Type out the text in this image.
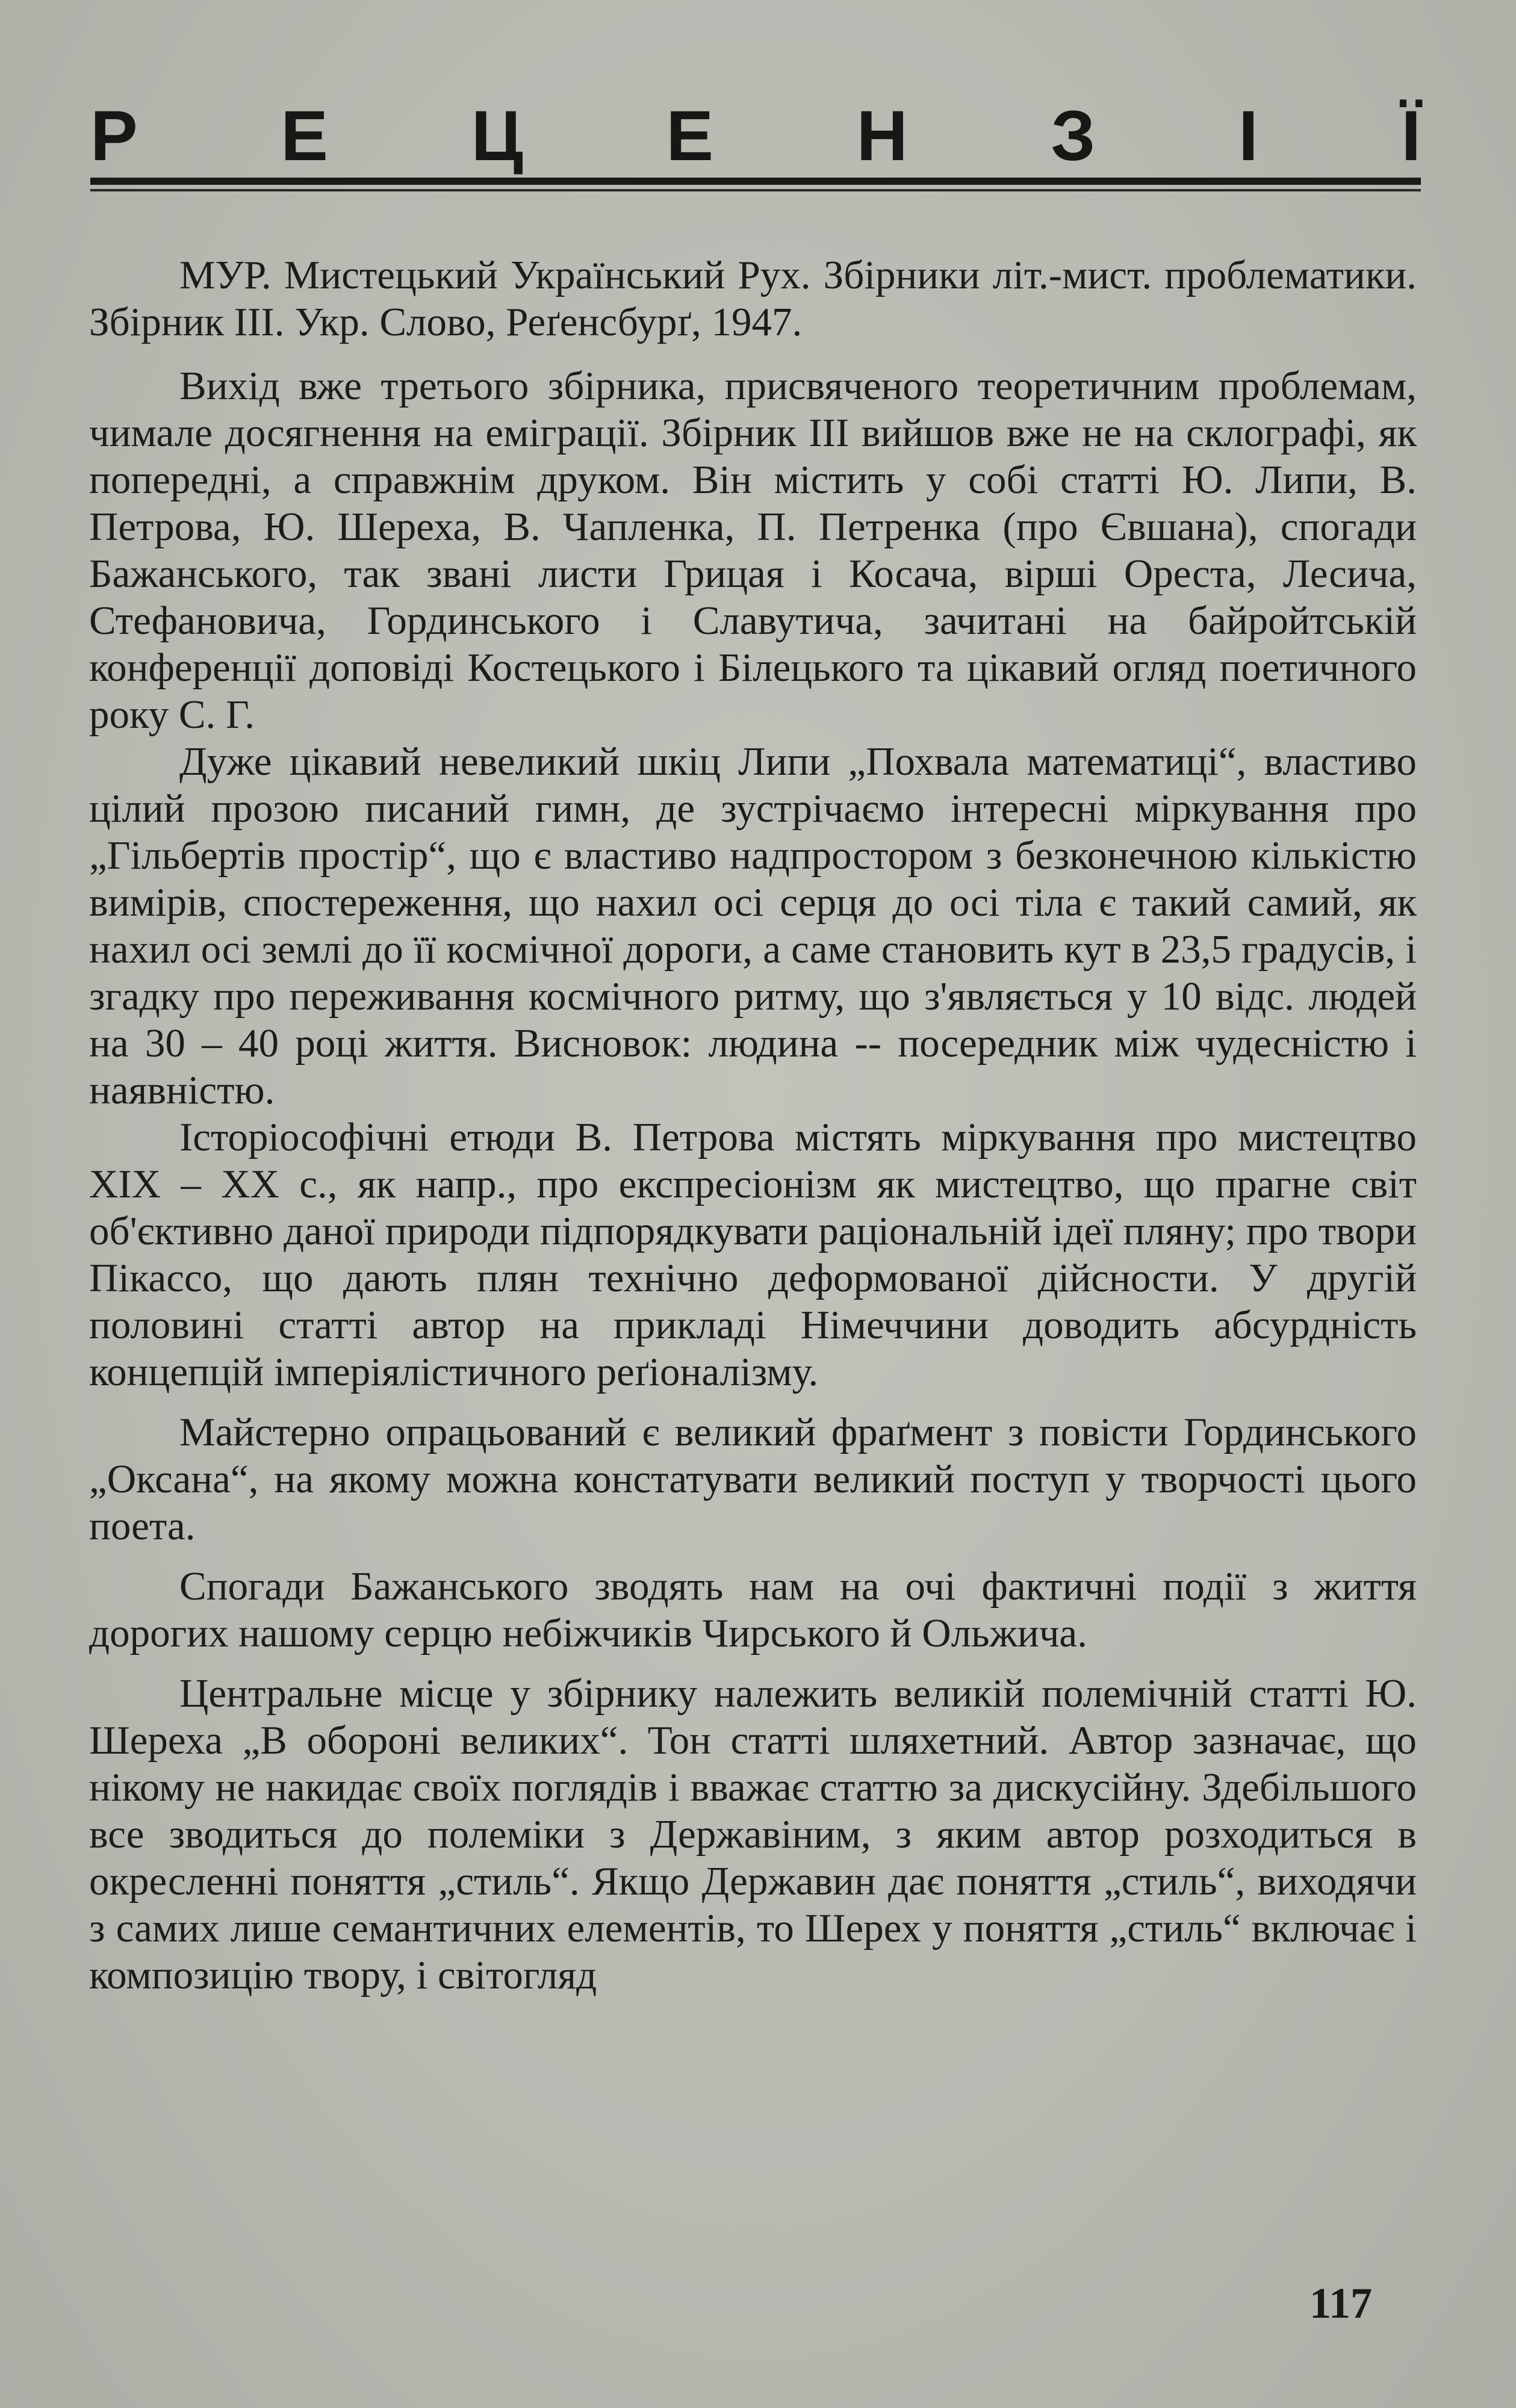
Р Е Ц Е Н З І Ї

МУР. Мистецький Український Рух. Збірники літ.-мист. проблематики. Збірник ІІІ. Укр. Слово, Реґенсбурґ, 1947.

Вихід вже третього збірника, присвяченого теоретичним проблемам, чимале досягнення на еміграції. Збірник ІІІ вийшов вже не на склографі, як попередні, а справжнім друком. Він містить у собі статті Ю. Липи, В. Петрова, Ю. Шереха, В. Чапленка, П. Петренка (про Євшана), спогади Бажанського, так звані листи Грицая і Косача, вірші Ореста, Лесича, Стефановича, Гординського і Славутича, зачитані на байройтській конференції доповіді Костецького і Білецького та цікавий огляд поетичного року С. Г.

Дуже цікавий невеликий шкіц Липи „Похвала математиці“, властиво цілий прозою писаний гимн, де зустрічаємо інтересні міркування про „Гільбертів простір“, що є властиво надпростором з безконечною кількістю вимірів, спостереження, що нахил осі серця до осі тіла є такий самий, як нахил осі землі до її космічної дороги, а саме становить кут в 23,5 градусів, і згадку про переживання космічного ритму, що з'являється у 10 відс. людей на 30 – 40 році життя. Висновок: людина -- посередник між чудесністю і наявністю.

Історіософічні етюди В. Петрова містять міркування про мистецтво ХІХ – ХХ с., як напр., про експресіонізм як мистецтво, що прагне світ об'єктивно даної природи підпорядкувати раціональній ідеї пляну; про твори Пікассо, що дають плян технічно деформованої дійсности. У другій половині статті автор на прикладі Німеччини доводить абсурдність концепцій імперіялістичного реґіоналізму.

Майстерно опрацьований є великий фраґмент з повісти Гординського „Оксана“, на якому можна констатувати великий поступ у творчості цього поета.

Спогади Бажанського зводять нам на очі фактичні події з життя дорогих нашому серцю небіжчиків Чирського й Ольжича.

Центральне місце у збірнику належить великій полемічній статті Ю. Шереха „В обороні великих“. Тон статті шляхетний. Автор зазначає, що нікому не накидає своїх поглядів і вважає статтю за дискусійну. Здебільшого все зводиться до полеміки з Державіним, з яким автор розходиться в окресленні поняття „стиль“. Якщо Державин дає поняття „стиль“, виходячи з самих лише семантичних елементів, то Шерех у поняття „стиль“ включає і композицію твору, і світогляд

117
